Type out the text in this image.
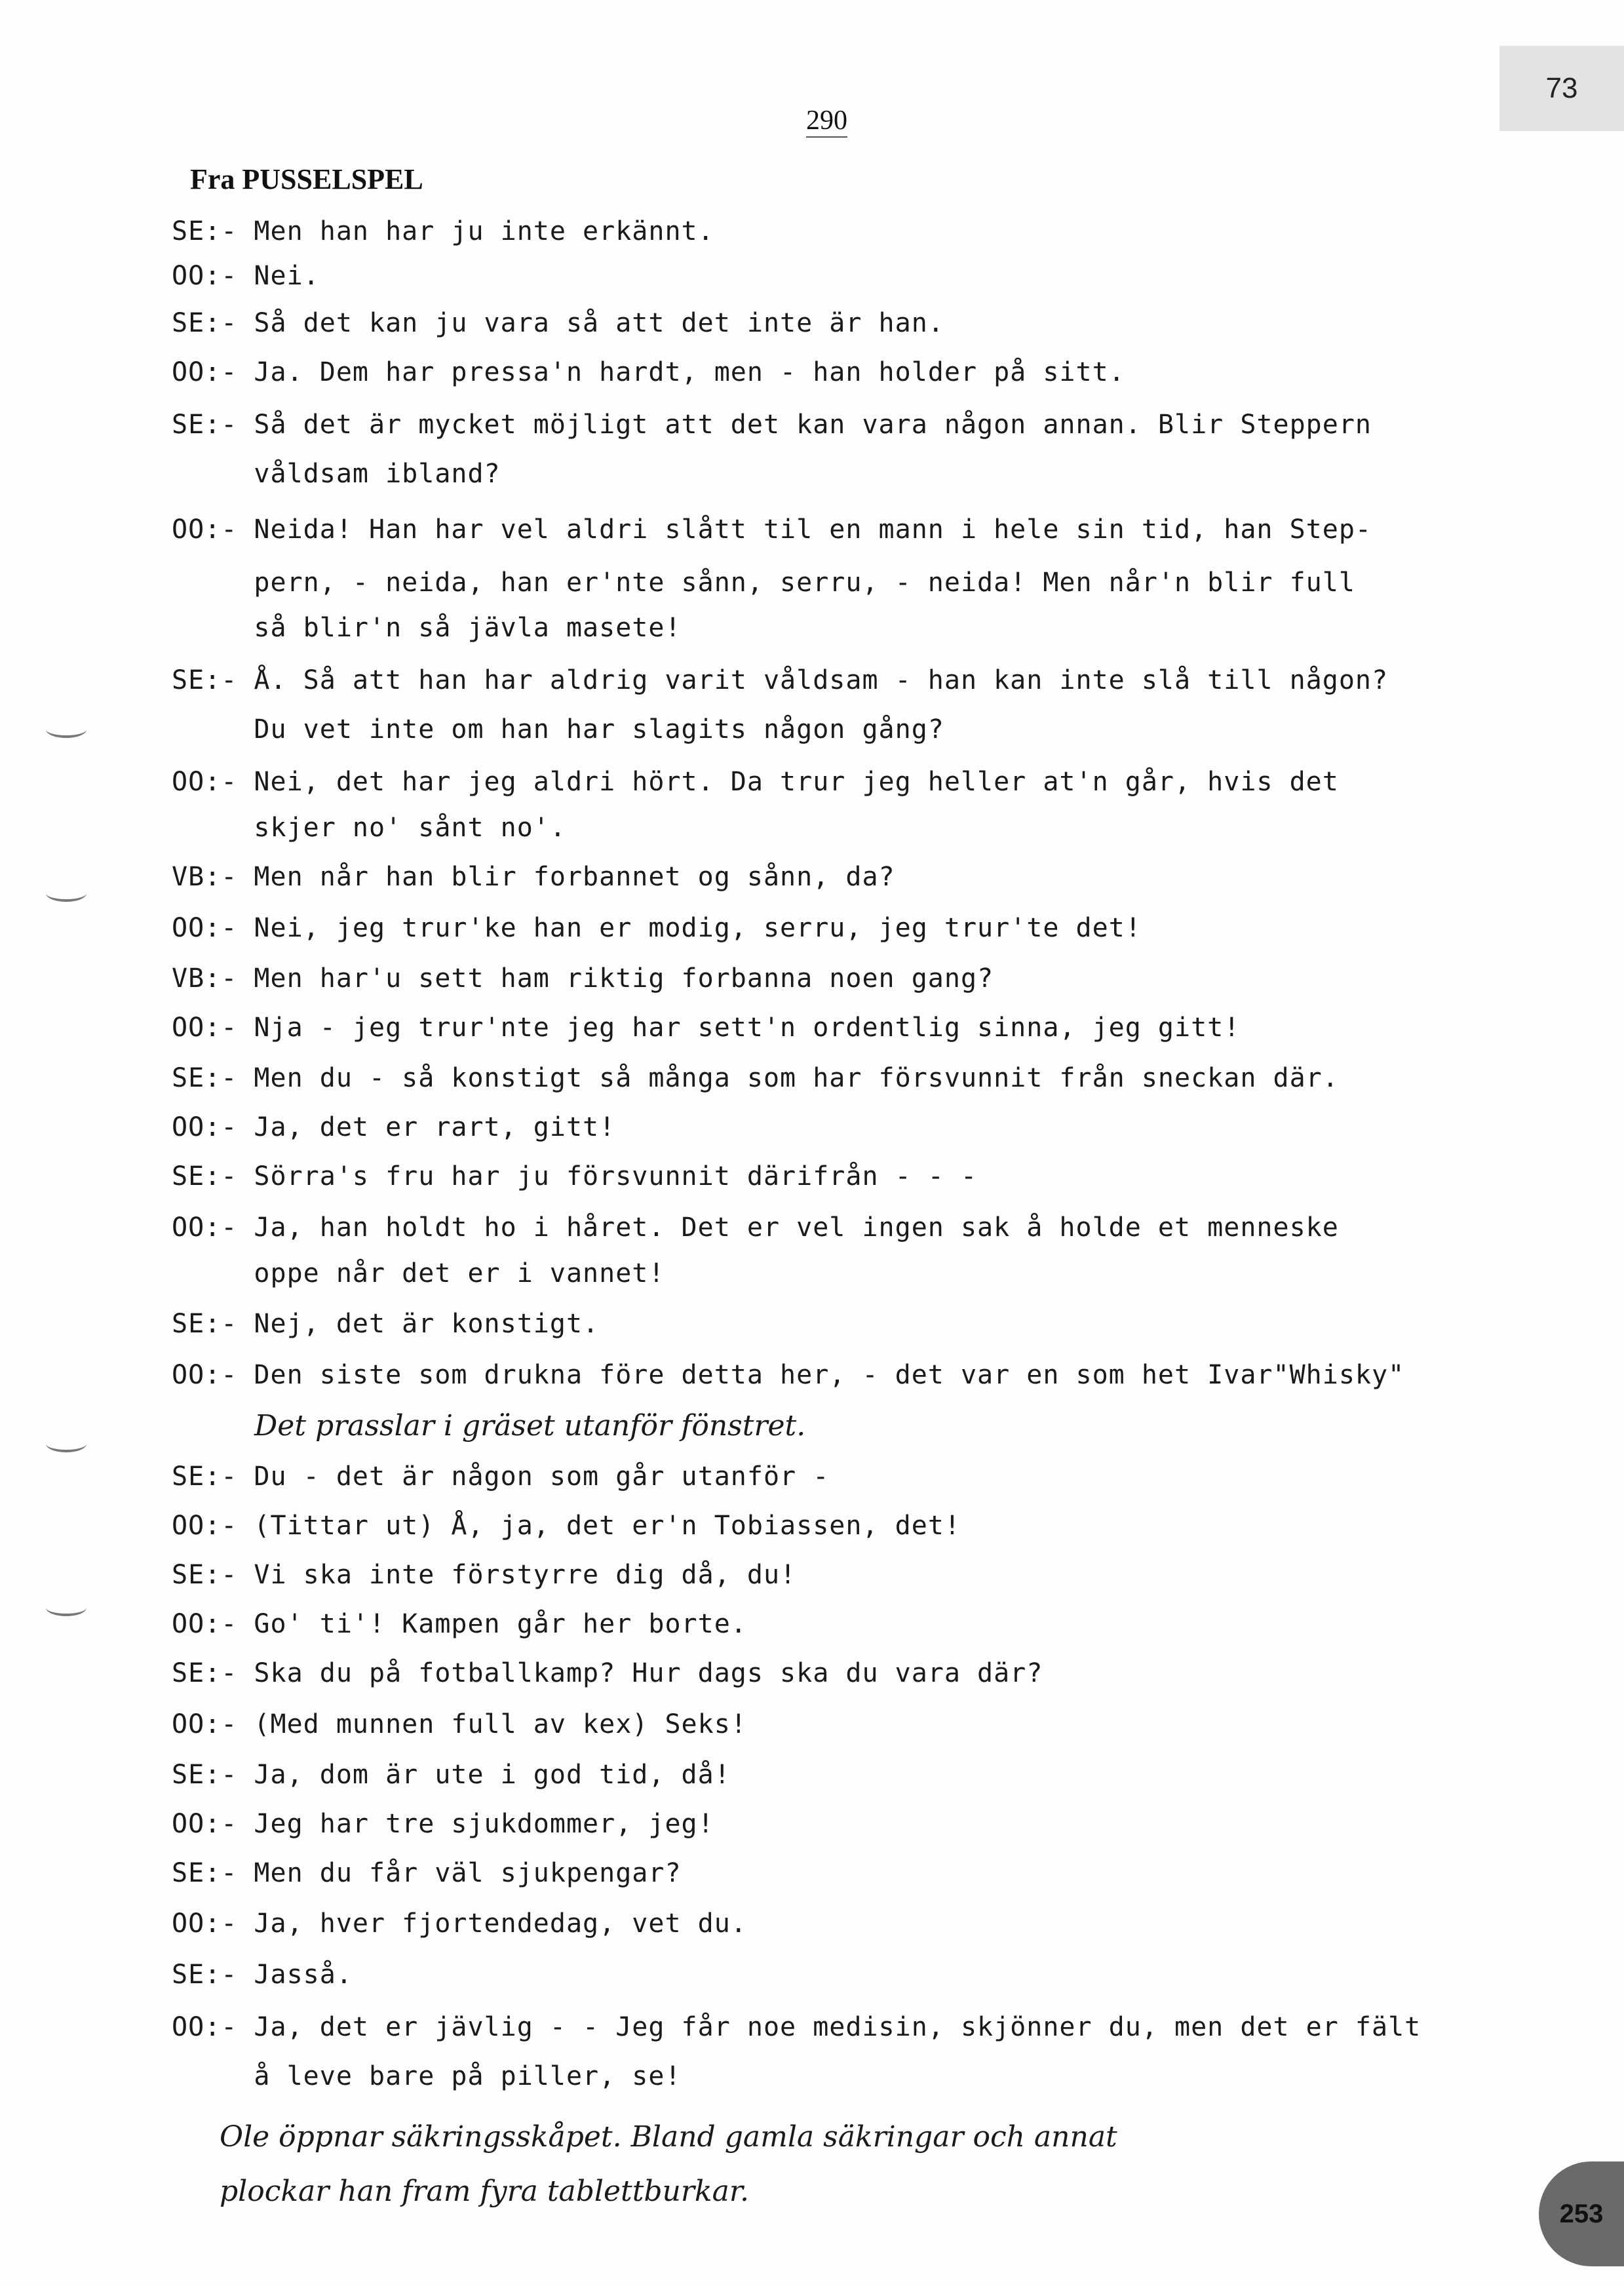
73
290
Fra PUSSELSPEL

SE:- Men han har ju inte erkännt.

OO:- Nei.

SE:- Så det kan ju vara så att det inte är han.

OO:- Ja. Dem har pressa'n hardt, men - han holder på sitt.

SE:- Så det är mycket möjligt att det kan vara någon annan. Blir Steppern

våldsam ibland?

OO:- Neida! Han har vel aldri slått til en mann i hele sin tid, han Step-

pern, - neida, han er'nte sånn, serru, - neida! Men når'n blir full

så blir'n så jävla masete!

SE:- Å. Så att han har aldrig varit våldsam - han kan inte slå till någon?

Du vet inte om han har slagits någon gång?

OO:- Nei, det har jeg aldri hört. Da trur jeg heller at'n går, hvis det

skjer no' sånt no'.

VB:- Men når han blir forbannet og sånn, da?

OO:- Nei, jeg trur'ke han er modig, serru, jeg trur'te det!

VB:- Men har'u sett ham riktig forbanna noen gang?

OO:- Nja - jeg trur'nte jeg har sett'n ordentlig sinna, jeg gitt!

SE:- Men du - så konstigt så många som har försvunnit från sneckan där.

OO:- Ja, det er rart, gitt!

SE:- Sörra's fru har ju försvunnit därifrån - - -

OO:- Ja, han holdt ho i håret. Det er vel ingen sak å holde et menneske

oppe når det er i vannet!

SE:- Nej, det är konstigt.

OO:- Den siste som drukna före detta her, - det var en som het Ivar"Whisky"

Det prasslar i gräset utanför fönstret.

SE:- Du - det är någon som går utanför -

OO:- (Tittar ut) Å, ja, det er'n Tobiassen, det!

SE:- Vi ska inte förstyrre dig då, du!

OO:- Go' ti'! Kampen går her borte.

SE:- Ska du på fotballkamp? Hur dags ska du vara där?

OO:- (Med munnen full av kex) Seks!

SE:- Ja, dom är ute i god tid, då!

OO:- Jeg har tre sjukdommer, jeg!

SE:- Men du får väl sjukpengar?

OO:- Ja, hver fjortendedag, vet du.

SE:- Jasså.

OO:- Ja, det er jävlig - - Jeg får noe medisin, skjönner du, men det er fält

å leve bare på piller, se!

Ole öppnar säkringsskåpet. Bland gamla säkringar och annat

plockar han fram fyra tablettburkar.

253
